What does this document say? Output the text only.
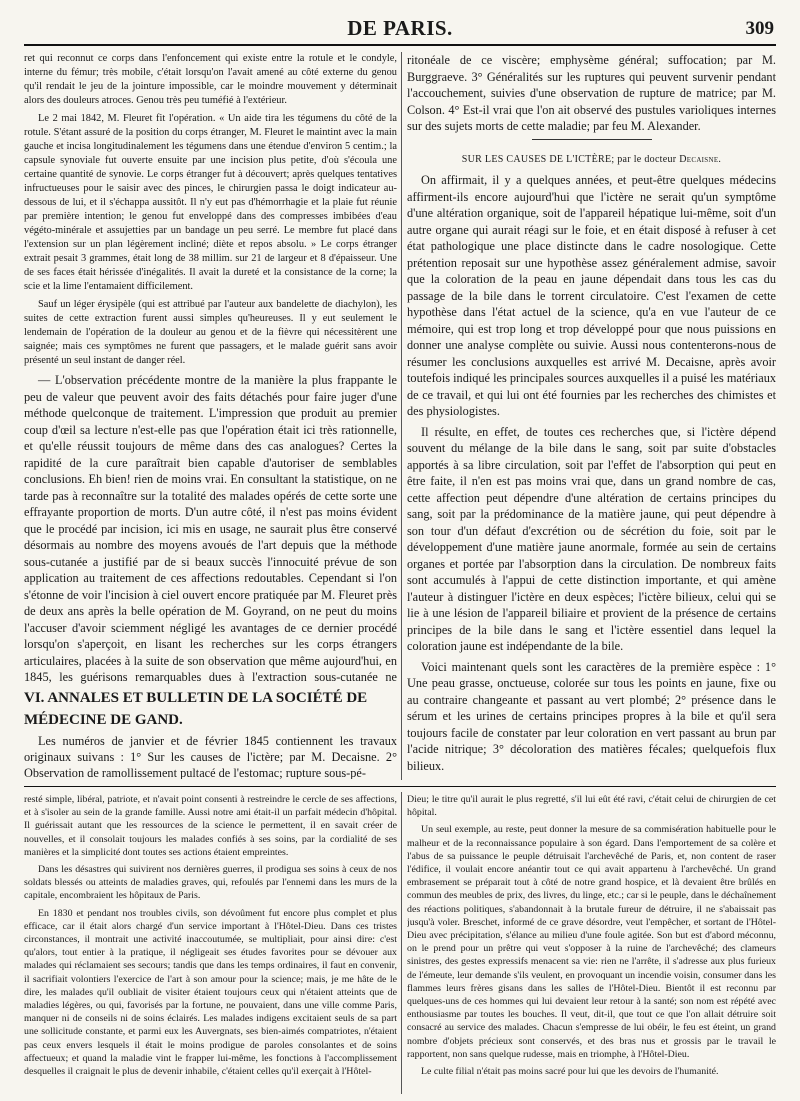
DE PARIS.	309

ret qui reconnut ce corps dans l'enfoncement qui existe entre la rotule et le condyle, interne du fémur; très mobile, c'était lorsqu'on l'avait amené au côté externe du genou qu'il rendait le jeu de la jointure impossible, car le moindre mouvement y déterminait alors des douleurs atroces. Genou très peu tuméfié à l'extérieur.

Le 2 mai 1842, M. Fleuret fit l'opération. « Un aide tira les tégumens du côté de la rotule. S'étant assuré de la position du corps étranger, M. Fleuret le maintint avec la main gauche et incisa longitudinalement les tégumens dans une étendue d'environ 5 centim.; la capsule synoviale fut ouverte ensuite par une incision plus petite, d'où s'écoula une certaine quantité de synovie. Le corps étranger fut à découvert; après quelques tentatives infructueuses pour le saisir avec des pinces, le chirurgien passa le doigt indicateur au-dessous de lui, et il s'échappa aussitôt. Il n'y eut pas d'hémorrhagie et la plaie fut réunie par première intention; le genou fut enveloppé dans des compresses imbibées d'eau végéto-minérale et assujetties par un bandage un peu serré. Le membre fut placé dans l'extension sur un plan légèrement incliné; diète et repos absolu. » Le corps étranger extrait pesait 3 grammes, était long de 38 millim. sur 21 de largeur et 8 d'épaisseur. Une de ses faces était hérissée d'inégalités. Il avait la dureté et la consistance de la corne; la scie et la lime l'entamaient difficilement.

Sauf un léger érysipèle (qui est attribué par l'auteur aux bandelette de diachylon), les suites de cette extraction furent aussi simples qu'heureuses. Il y eut seulement le lendemain de l'opération de la douleur au genou et de la fièvre qui nécessitèrent une saignée; mais ces symptômes ne furent que passagers, et le malade guérit sans avoir présenté un seul instant de danger réel.

— L'observation précédente montre de la manière la plus frappante le peu de valeur que peuvent avoir des faits détachés pour faire juger d'une méthode quelconque de traitement. L'impression que produit au premier coup d'œil sa lecture n'est-elle pas que l'opération était ici très rationnelle, et qu'elle réussit toujours de même dans des cas analogues? Certes la rapidité de la cure paraîtrait bien capable d'autoriser de semblables conclusions. Eh bien! rien de moins vrai. En consultant la statistique, on ne tarde pas à reconnaître sur la totalité des malades opérés de cette sorte une effrayante proportion de morts. D'un autre côté, il n'est pas moins évident que le procédé par incision, ici mis en usage, ne saurait plus être conservé désormais au nombre des moyens avoués de l'art depuis que la méthode sous-cutanée a justifié par de si beaux succès l'innocuité prévue de son application au traitement de ces affections redoutables. Cependant si l'on s'étonne de voir l'incision à ciel ouvert encore pratiquée par M. Fleuret près de deux ans après la belle opération de M. Goyrand, on ne peut du moins l'accuser d'avoir sciemment négligé les avantages de ce dernier procédé lorsqu'on s'aperçoit, en lisant les recherches sur les corps étrangers articulaires, placées à la suite de son observation que même aujourd'hui, en 1845, les guérisons remarquables dues à l'extraction sous-cutanée ne

VI. ANNALES ET BULLETIN DE LA SOCIÉTÉ DE MÉDECINE DE GAND.

Les numéros de janvier et de février 1845 contiennent les travaux originaux suivans : 1° Sur les causes de l'ictère; par M. Decaisne. 2° Observation de ramollissement pultacé de l'estomac; rupture sous-pé-

ritonéale de ce viscère; emphysème général; suffocation; par M. Burggraeve. 3° Généralités sur les ruptures qui peuvent survenir pendant l'accouchement, suivies d'une observation de rupture de matrice; par M. Colson. 4° Est-il vrai que l'on ait observé des pustules varioliques internes sur des sujets morts de cette maladie; par feu M. Alexander.

SUR LES CAUSES DE L'ICTÈRE; par le docteur Decaisne.

On affirmait, il y a quelques années, et peut-être quelques médecins affirment-ils encore aujourd'hui que l'ictère ne serait qu'un symptôme d'une altération organique, soit de l'appareil hépatique lui-même, soit d'un autre organe qui aurait réagi sur le foie, et en était disposé à refuser à cet état pathologique une place distincte dans le cadre nosologique. Cette prétention reposait sur une hypothèse assez généralement admise, savoir que la coloration de la peau en jaune dépendait dans tous les cas du passage de la bile dans le torrent circulatoire. C'est l'examen de cette hypothèse dans l'état actuel de la science, qu'a en vue l'auteur de ce mémoire, qui est trop long et trop développé pour que nous puissions en donner une analyse complète ou suivie. Aussi nous contenterons-nous de résumer les conclusions auxquelles est arrivé M. Decaisne, après avoir toutefois indiqué les principales sources auxquelles il a puisé les matériaux de ce travail, et qui lui ont été fournies par les recherches des chimistes et des physiologistes.

Il résulte, en effet, de toutes ces recherches que, si l'ictère dépend souvent du mélange de la bile dans le sang, soit par suite d'obstacles apportés à sa libre circulation, soit par l'effet de l'absorption qui peut en être faite, il n'en est pas moins vrai que, dans un grand nombre de cas, cette affection peut dépendre d'une altération de certains principes du sang, soit par la prédominance de la matière jaune, qui peut dépendre à son tour d'un défaut d'excrétion ou de sécrétion du foie, soit par le développement d'une matière jaune anormale, formée au sein de certains organes et portée par l'absorption dans la circulation. De nombreux faits sont accumulés à l'appui de cette distinction importante, et qui amène l'auteur à distinguer l'ictère en deux espèces; l'ictère bilieux, celui qui se lie à une lésion de l'appareil biliaire et provient de la présence de certains principes de la bile dans le sang et l'ictère essentiel dans lequel la coloration jaune est indépendante de la bile.

Voici maintenant quels sont les caractères de la première espèce : 1° Une peau grasse, onctueuse, colorée sur tous les points en jaune, fixe ou au contraire changeante et passant au vert plombé; 2° présence dans le sérum et les urines de certains principes propres à la bile et qu'il sera toujours facile de constater par leur coloration en vert passant au brun par l'acide nitrique; 3° décoloration des matières fécales; quelquefois flux bilieux.

resté simple, libéral, patriote, et n'avait point consenti à restreindre le cercle de ses affections, et à s'isoler au sein de la grande famille. Aussi notre ami était-il un parfait médecin d'hôpital. Il guérissait autant que les ressources de la science le permettent, il en savait créer de nouvelles, et il consolait toujours les malades confiés à ses soins, par la cordialité de ses manières et la simplicité dont toutes ses actions étaient empreintes.

Dans les désastres qui suivirent nos dernières guerres, il prodigua ses soins à ceux de nos soldats blessés ou atteints de maladies graves, qui, refoulés par l'ennemi dans les murs de la capitale, encombraient les hôpitaux de Paris.

En 1830 et pendant nos troubles civils, son dévoûment fut encore plus complet et plus efficace, car il était alors chargé d'un service important à l'Hôtel-Dieu. Dans ces tristes circonstances, il montrait une activité inaccoutumée, se multipliait, pour ainsi dire: c'est qu'alors, tout entier à la pratique, il négligeait ses études favorites pour se dévouer aux malades qui réclamaient ses secours; tandis que dans les temps ordinaires, il faut en convenir, il sacrifiait volontiers l'exercice de l'art à son amour pour la science; mais, je me hâte de le dire, les malades qu'il oubliait de visiter étaient toujours ceux qui n'étaient atteints que de maladies légères, ou qui, favorisés par la fortune, ne pouvaient, dans une ville comme Paris, manquer ni de conseils ni de soins éclairés. Les malades indigens excitaient seuls de sa part une sollicitude constante, et parmi eux les Auvergnats, ses bien-aimés compatriotes, n'étaient pas ceux envers lesquels il était le moins prodigue de paroles consolantes et de soins affectueux; et quand la maladie vint le frapper lui-même, les fonctions à l'accomplissement desquelles il craignait le plus de devenir inhabile, c'étaient celles qu'il exerçait à l'Hôtel-

Dieu; le titre qu'il aurait le plus regretté, s'il lui eût été ravi, c'était celui de chirurgien de cet hôpital.

Un seul exemple, au reste, peut donner la mesure de sa commisération habituelle pour le malheur et de la reconnaissance populaire à son égard. Dans l'emportement de sa colère et l'abus de sa puissance le peuple détruisait l'archevêché de Paris, et, non content de raser l'édifice, il voulait encore anéantir tout ce qui avait appartenu à l'archevêché. Un grand embrasement se préparait tout à côté de notre grand hospice, et là devaient être brûlés en commun des meubles de prix, des livres, du linge, etc.; car si le peuple, dans le déchaînement des réactions politiques, s'abandonnait à la brutale fureur de détruire, il ne s'abaissait pas jusqu'à voler. Breschet, informé de ce grave désordre, veut l'empêcher, et sortant de l'Hôtel-Dieu avec précipitation, s'élance au milieu d'une foule agitée. Son but est d'abord méconnu, on le prend pour un prêtre qui veut s'opposer à la ruine de l'archevêché; des clameurs sinistres, des gestes expressifs menacent sa vie: rien ne l'arrête, il s'adresse aux plus furieux de l'émeute, leur demande s'ils veulent, en provoquant un incendie voisin, consumer dans les flammes leurs frères gisans dans les salles de l'Hôtel-Dieu. Bientôt il est reconnu par quelques-uns de ces hommes qui lui devaient leur retour à la santé; son nom est répété avec enthousiasme par toutes les bouches. Il veut, dit-il, que tout ce que l'on allait détruire soit consacré au service des malades. Chacun s'empresse de lui obéir, le feu est éteint, un grand nombre d'objets précieux sont conservés, et des bras nus et grossis par le travail le rapportent, non sans quelque rudesse, mais en triomphe, à l'Hôtel-Dieu.

Le culte filial n'était pas moins sacré pour lui que les devoirs de l'humanité.
